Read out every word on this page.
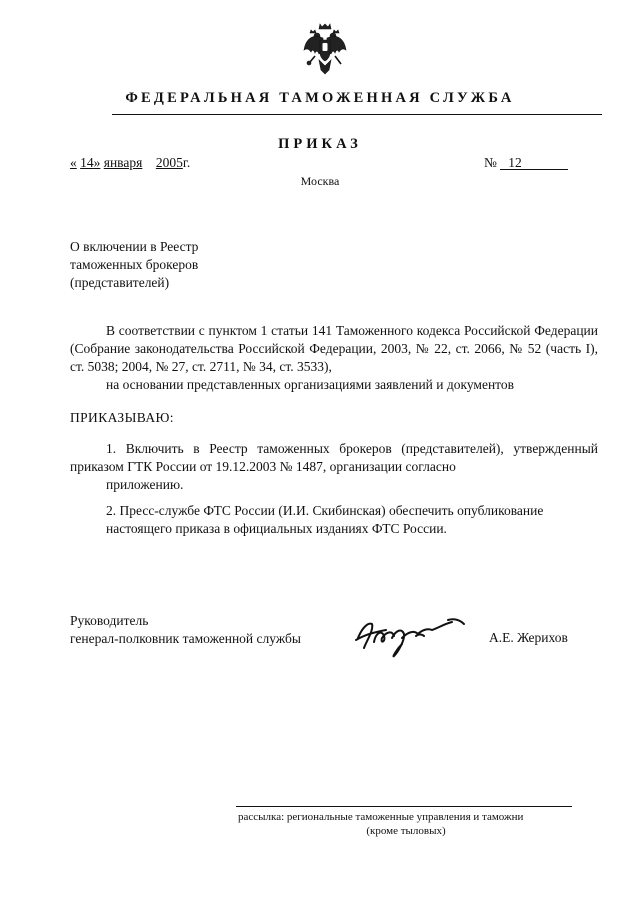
ФЕДЕРАЛЬНАЯ ТАМОЖЕННАЯ СЛУЖБА
ПРИКАЗ
« 14» января 2005г.	№ 12
Москва
О включении в Реестр
таможенных брокеров
(представителей)
В соответствии с пунктом 1 статьи 141 Таможенного кодекса Российской Федерации (Собрание законодательства Российской Федерации, 2003, № 22, ст. 2066, № 52 (часть I), ст. 5038; 2004, № 27, ст. 2711, № 34, ст. 3533),
на основании представленных организациями заявлений и документов
ПРИКАЗЫВАЮ:
1. Включить в Реестр таможенных брокеров (представителей), утвержденный приказом ГТК России от 19.12.2003 № 1487, организации согласно
приложению.
2. Пресс-службе ФТС России (И.И. Скибинская) обеспечить опубликование
настоящего приказа в официальных изданиях ФТС России.
Руководитель
генерал-полковник таможенной службы	А.Е. Жерихов
рассылка: региональные таможенные управления и таможни
(кроме тыловых)
